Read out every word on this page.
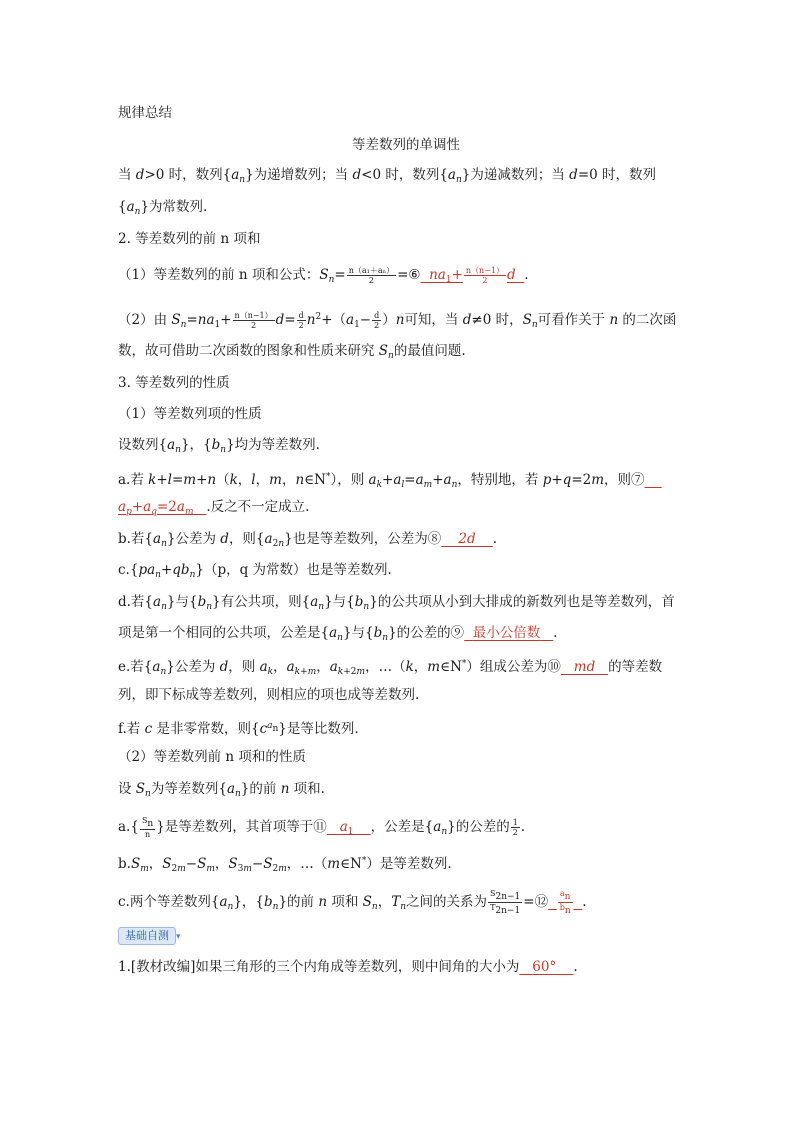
规律总结
等差数列的单调性
当 d>0 时，数列$\{a_n\}$为递增数列；当 d<0 时，数列$\{a_n\}$为递减数列；当 d=0 时，数列
$\{a_n\}$为常数列.
2. 等差数列的前 n 项和
（1）等差数列的前 n 项和公式：$S_n= \frac{\text{n（a₁＋aₙ）}}{2}$ =⑥ $na_1+ \frac{n(n-1)}{2}$ d .
（2）由 $S_n=na_1+ \frac{n(n-1)}{2} d= \frac{d}{2} n^2+(a_1- \frac{d}{2} )n$可知，当 d≠0 时，$S_n$可看作关于 n 的二次函
数，故可借助二次函数的图象和性质来研究 $S_n$的最值问题.
3. 等差数列的性质
（1）等差数列项的性质
设数列$\{a_n\}$，$\{b_n\}$均为等差数列.
a.若 k+l=m+n（k，l，m，n∈N*），则 $a_k+a_l=a_m+a_n$，特别地，若 p+q=2m，则⑦
$a_p+a_q=2a_m$ .反之不一定成立.
b.若$\{a_n\}$公差为 d，则$\{a_{2n}\}$也是等差数列，公差为⑧ 2d .
$c.\{pa_n+qb_n\}(p$，q 为常数）也是等差数列.
d.若$\{a_n\}$与$\{b_n\}$有公共项，则$\{a_n\}$与$\{b_n\}$的公共项从小到大排成的新数列也是等差数列，首
项是第一个相同的公共项，公差是$\{a_n\}$与$\{b_n\}$的公差的⑨ 最小公倍数 .
e.若$\{a_n\}$公差为 d，则 $a_k$，$a_{k+m}$，$a_{k+2m}$，…（k，m∈N*）组成公差为⑩ md 的等差数
列，即下标成等差数列，则相应的项也成等差数列.
f.若 c 是非零常数，则$\{c^{a_n}\}$是等比数列.
（2）等差数列前 n 项和的性质
设 $S_n$为等差数列$\{a_n\}$的前 n 项和.
$a.\{ \frac{S_n}{n}$ }是等差数列，其首项等于⑪ $a_1$ ，公差是$\{a_n\}$的公差的 $\frac{1}{2}$ .
$b.S_m$，$S_{2m}-S_m$，$S_{3m}-S_{2m}$，…（m∈N*）是等差数列.
c.两个等差数列$\{a_n\}$，$\{b_n\}$的前 n 项和 $S_n$，$T_n$之间的关系为 $\frac{S_{2n-1}}{T_{2n-1}}$ =⑫ $\frac{a_n}{b_n}$ .
基础自测 ▾
1.[教材改编]如果三角形的三个内角成等差数列，则中间角的大小为 60° .
